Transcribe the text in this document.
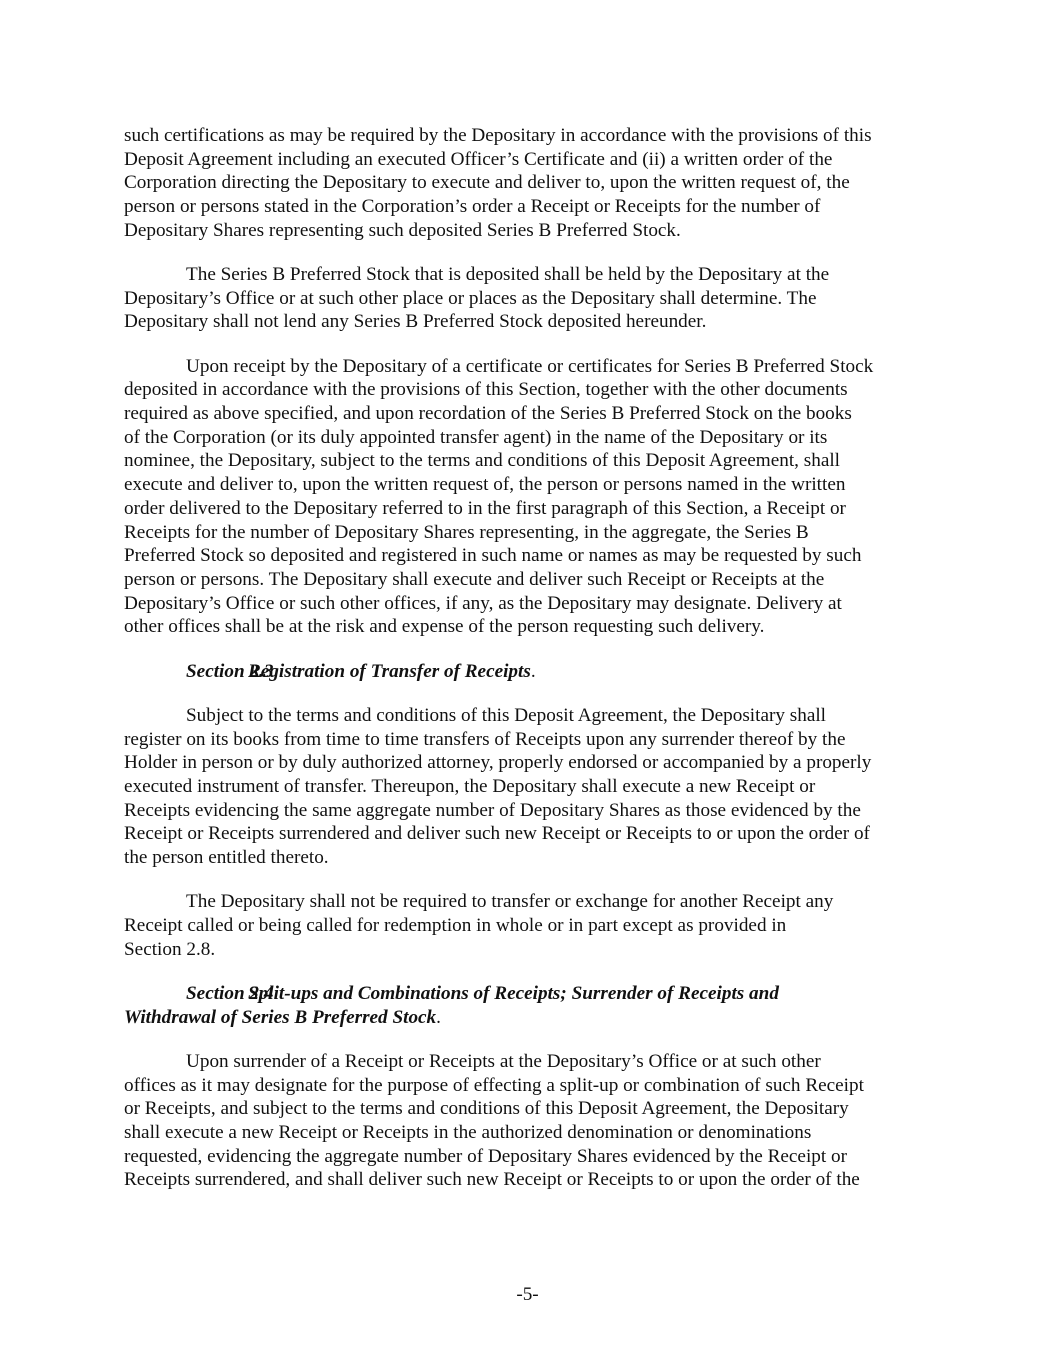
such certifications as may be required by the Depositary in accordance with the provisions of this
Deposit Agreement including an executed Officer’s Certificate and (ii) a written order of the
Corporation directing the Depositary to execute and deliver to, upon the written request of, the
person or persons stated in the Corporation’s order a Receipt or Receipts for the number of
Depositary Shares representing such deposited Series B Preferred Stock.
The Series B Preferred Stock that is deposited shall be held by the Depositary at the
Depositary’s Office or at such other place or places as the Depositary shall determine. The
Depositary shall not lend any Series B Preferred Stock deposited hereunder.
Upon receipt by the Depositary of a certificate or certificates for Series B Preferred Stock
deposited in accordance with the provisions of this Section, together with the other documents
required as above specified, and upon recordation of the Series B Preferred Stock on the books
of the Corporation (or its duly appointed transfer agent) in the name of the Depositary or its
nominee, the Depositary, subject to the terms and conditions of this Deposit Agreement, shall
execute and deliver to, upon the written request of, the person or persons named in the written
order delivered to the Depositary referred to in the first paragraph of this Section, a Receipt or
Receipts for the number of Depositary Shares representing, in the aggregate, the Series B
Preferred Stock so deposited and registered in such name or names as may be requested by such
person or persons. The Depositary shall execute and deliver such Receipt or Receipts at the
Depositary’s Office or such other offices, if any, as the Depositary may designate. Delivery at
other offices shall be at the risk and expense of the person requesting such delivery.
Section 2.3Registration of Transfer of Receipts.
Subject to the terms and conditions of this Deposit Agreement, the Depositary shall
register on its books from time to time transfers of Receipts upon any surrender thereof by the
Holder in person or by duly authorized attorney, properly endorsed or accompanied by a properly
executed instrument of transfer. Thereupon, the Depositary shall execute a new Receipt or
Receipts evidencing the same aggregate number of Depositary Shares as those evidenced by the
Receipt or Receipts surrendered and deliver such new Receipt or Receipts to or upon the order of
the person entitled thereto.
The Depositary shall not be required to transfer or exchange for another Receipt any
Receipt called or being called for redemption in whole or in part except as provided in
Section 2.8.
Section 2.4Split-ups and Combinations of Receipts; Surrender of Receipts and
Withdrawal of Series B Preferred Stock.
Upon surrender of a Receipt or Receipts at the Depositary’s Office or at such other
offices as it may designate for the purpose of effecting a split-up or combination of such Receipt
or Receipts, and subject to the terms and conditions of this Deposit Agreement, the Depositary
shall execute a new Receipt or Receipts in the authorized denomination or denominations
requested, evidencing the aggregate number of Depositary Shares evidenced by the Receipt or
Receipts surrendered, and shall deliver such new Receipt or Receipts to or upon the order of the
-5-
